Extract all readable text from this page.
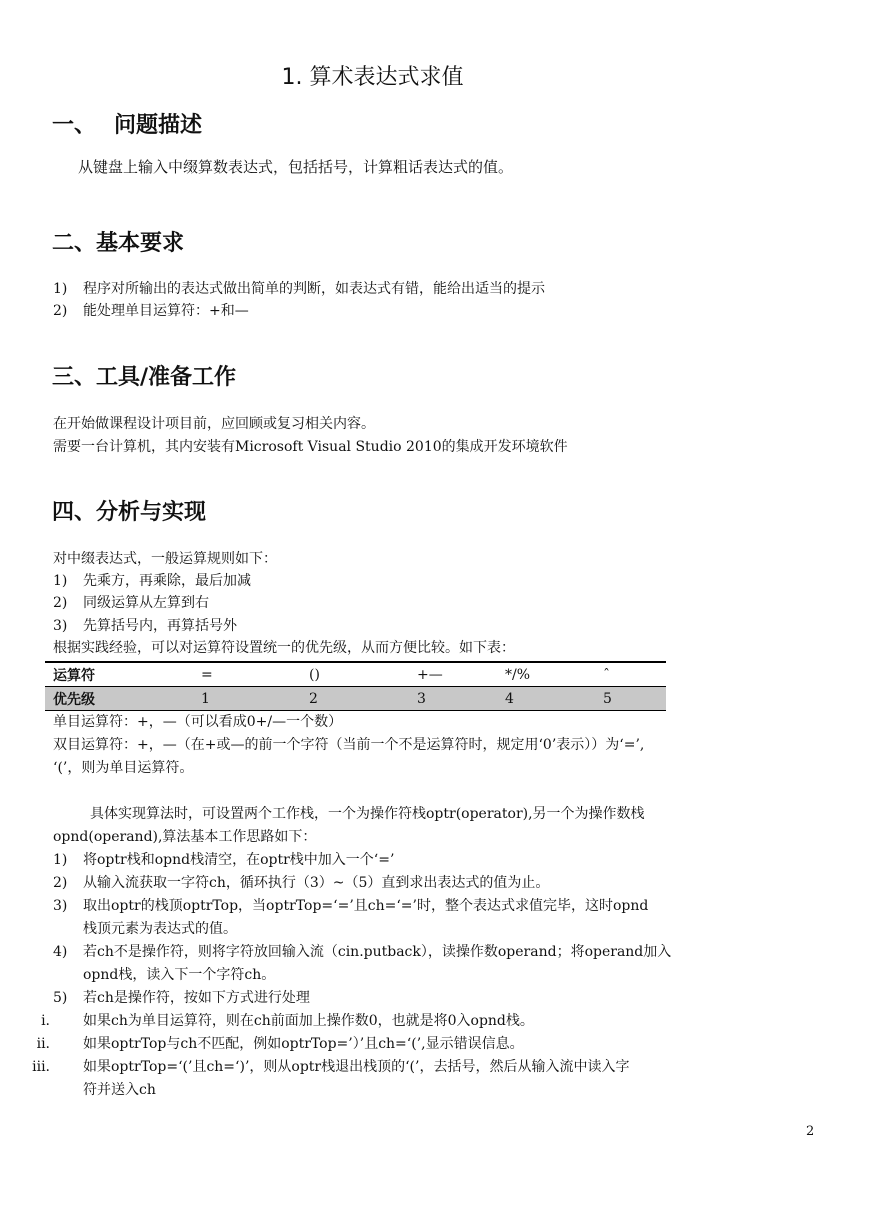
1. 算术表达式求值
一、 问题描述
从键盘上输入中缀算数表达式，包括括号，计算粗话表达式的值。
二、基本要求
1) 程序对所输出的表达式做出简单的判断，如表达式有错，能给出适当的提示
2) 能处理单目运算符：+和—
三、工具/准备工作
在开始做课程设计项目前，应回顾或复习相关内容。
需要一台计算机，其内安装有Microsoft Visual Studio 2010的集成开发环境软件
四、分析与实现
对中缀表达式，一般运算规则如下：
1) 先乘方，再乘除，最后加减
2) 同级运算从左算到右
3) 先算括号内，再算括号外
根据实践经验，可以对运算符设置统一的优先级，从而方便比较。如下表：
运算符	=	()	+—	*/%	ˆ
优先级	1	2	3	4	5
单目运算符：+，—（可以看成0+/—一个数）
双目运算符：+，—（在+或—的前一个字符（当前一个不是运算符时，规定用‘0’表示））为‘=’,
‘(’，则为单目运算符。
具体实现算法时，可设置两个工作栈，一个为操作符栈optr(operator),另一个为操作数栈
opnd(operand),算法基本工作思路如下：
1) 将optr栈和opnd栈清空，在optr栈中加入一个‘=’
2) 从输入流获取一字符ch，循环执行（3）~（5）直到求出表达式的值为止。
3) 取出optr的栈顶optrTop，当optrTop=‘=’且ch=‘=’时，整个表达式求值完毕，这时opnd
栈顶元素为表达式的值。
4) 若ch不是操作符，则将字符放回输入流（cin.putback），读操作数operand；将operand加入
opnd栈，读入下一个字符ch。
5) 若ch是操作符，按如下方式进行处理
i. 如果ch为单目运算符，则在ch前面加上操作数0，也就是将0入opnd栈。
ii. 如果optrTop与ch不匹配，例如optrTop=’）’且ch=‘(’,显示错误信息。
iii. 如果optrTop=‘(’且ch=‘)’，则从optr栈退出栈顶的‘(’，去括号，然后从输入流中读入字
符并送入ch
2
